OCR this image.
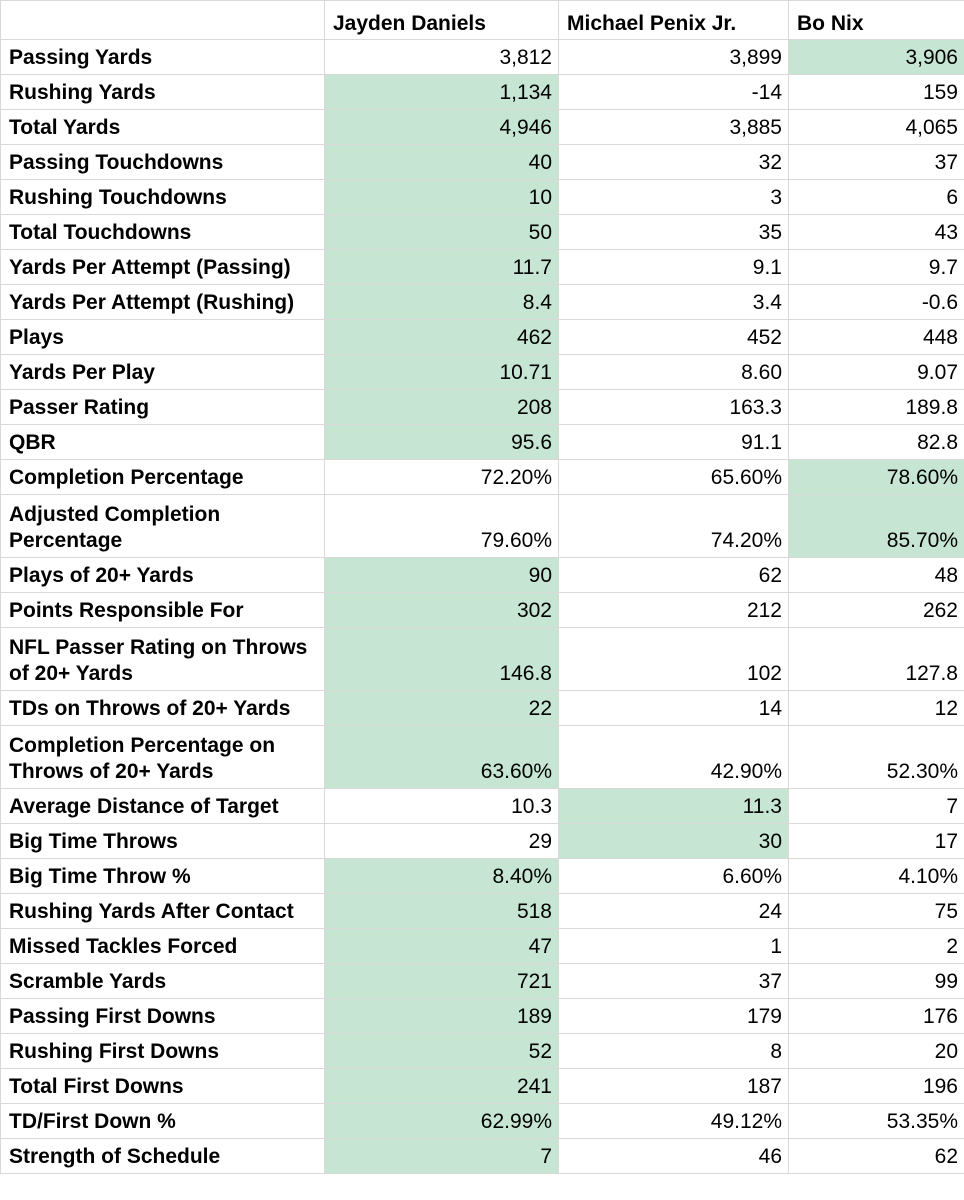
	Jayden Daniels	Michael Penix Jr.	Bo Nix
Passing Yards	3,812	3,899	3,906
Rushing Yards	1,134	-14	159
Total Yards	4,946	3,885	4,065
Passing Touchdowns	40	32	37
Rushing Touchdowns	10	3	6
Total Touchdowns	50	35	43
Yards Per Attempt (Passing)	11.7	9.1	9.7
Yards Per Attempt (Rushing)	8.4	3.4	-0.6
Plays	462	452	448
Yards Per Play	10.71	8.60	9.07
Passer Rating	208	163.3	189.8
QBR	95.6	91.1	82.8
Completion Percentage	72.20%	65.60%	78.60%
Adjusted Completion Percentage	79.60%	74.20%	85.70%
Plays of 20+ Yards	90	62	48
Points Responsible For	302	212	262
NFL Passer Rating on Throws of 20+ Yards	146.8	102	127.8
TDs on Throws of 20+ Yards	22	14	12
Completion Percentage on Throws of 20+ Yards	63.60%	42.90%	52.30%
Average Distance of Target	10.3	11.3	7
Big Time Throws	29	30	17
Big Time Throw %	8.40%	6.60%	4.10%
Rushing Yards After Contact	518	24	75
Missed Tackles Forced	47	1	2
Scramble Yards	721	37	99
Passing First Downs	189	179	176
Rushing First Downs	52	8	20
Total First Downs	241	187	196
TD/First Down %	62.99%	49.12%	53.35%
Strength of Schedule	7	46	62
